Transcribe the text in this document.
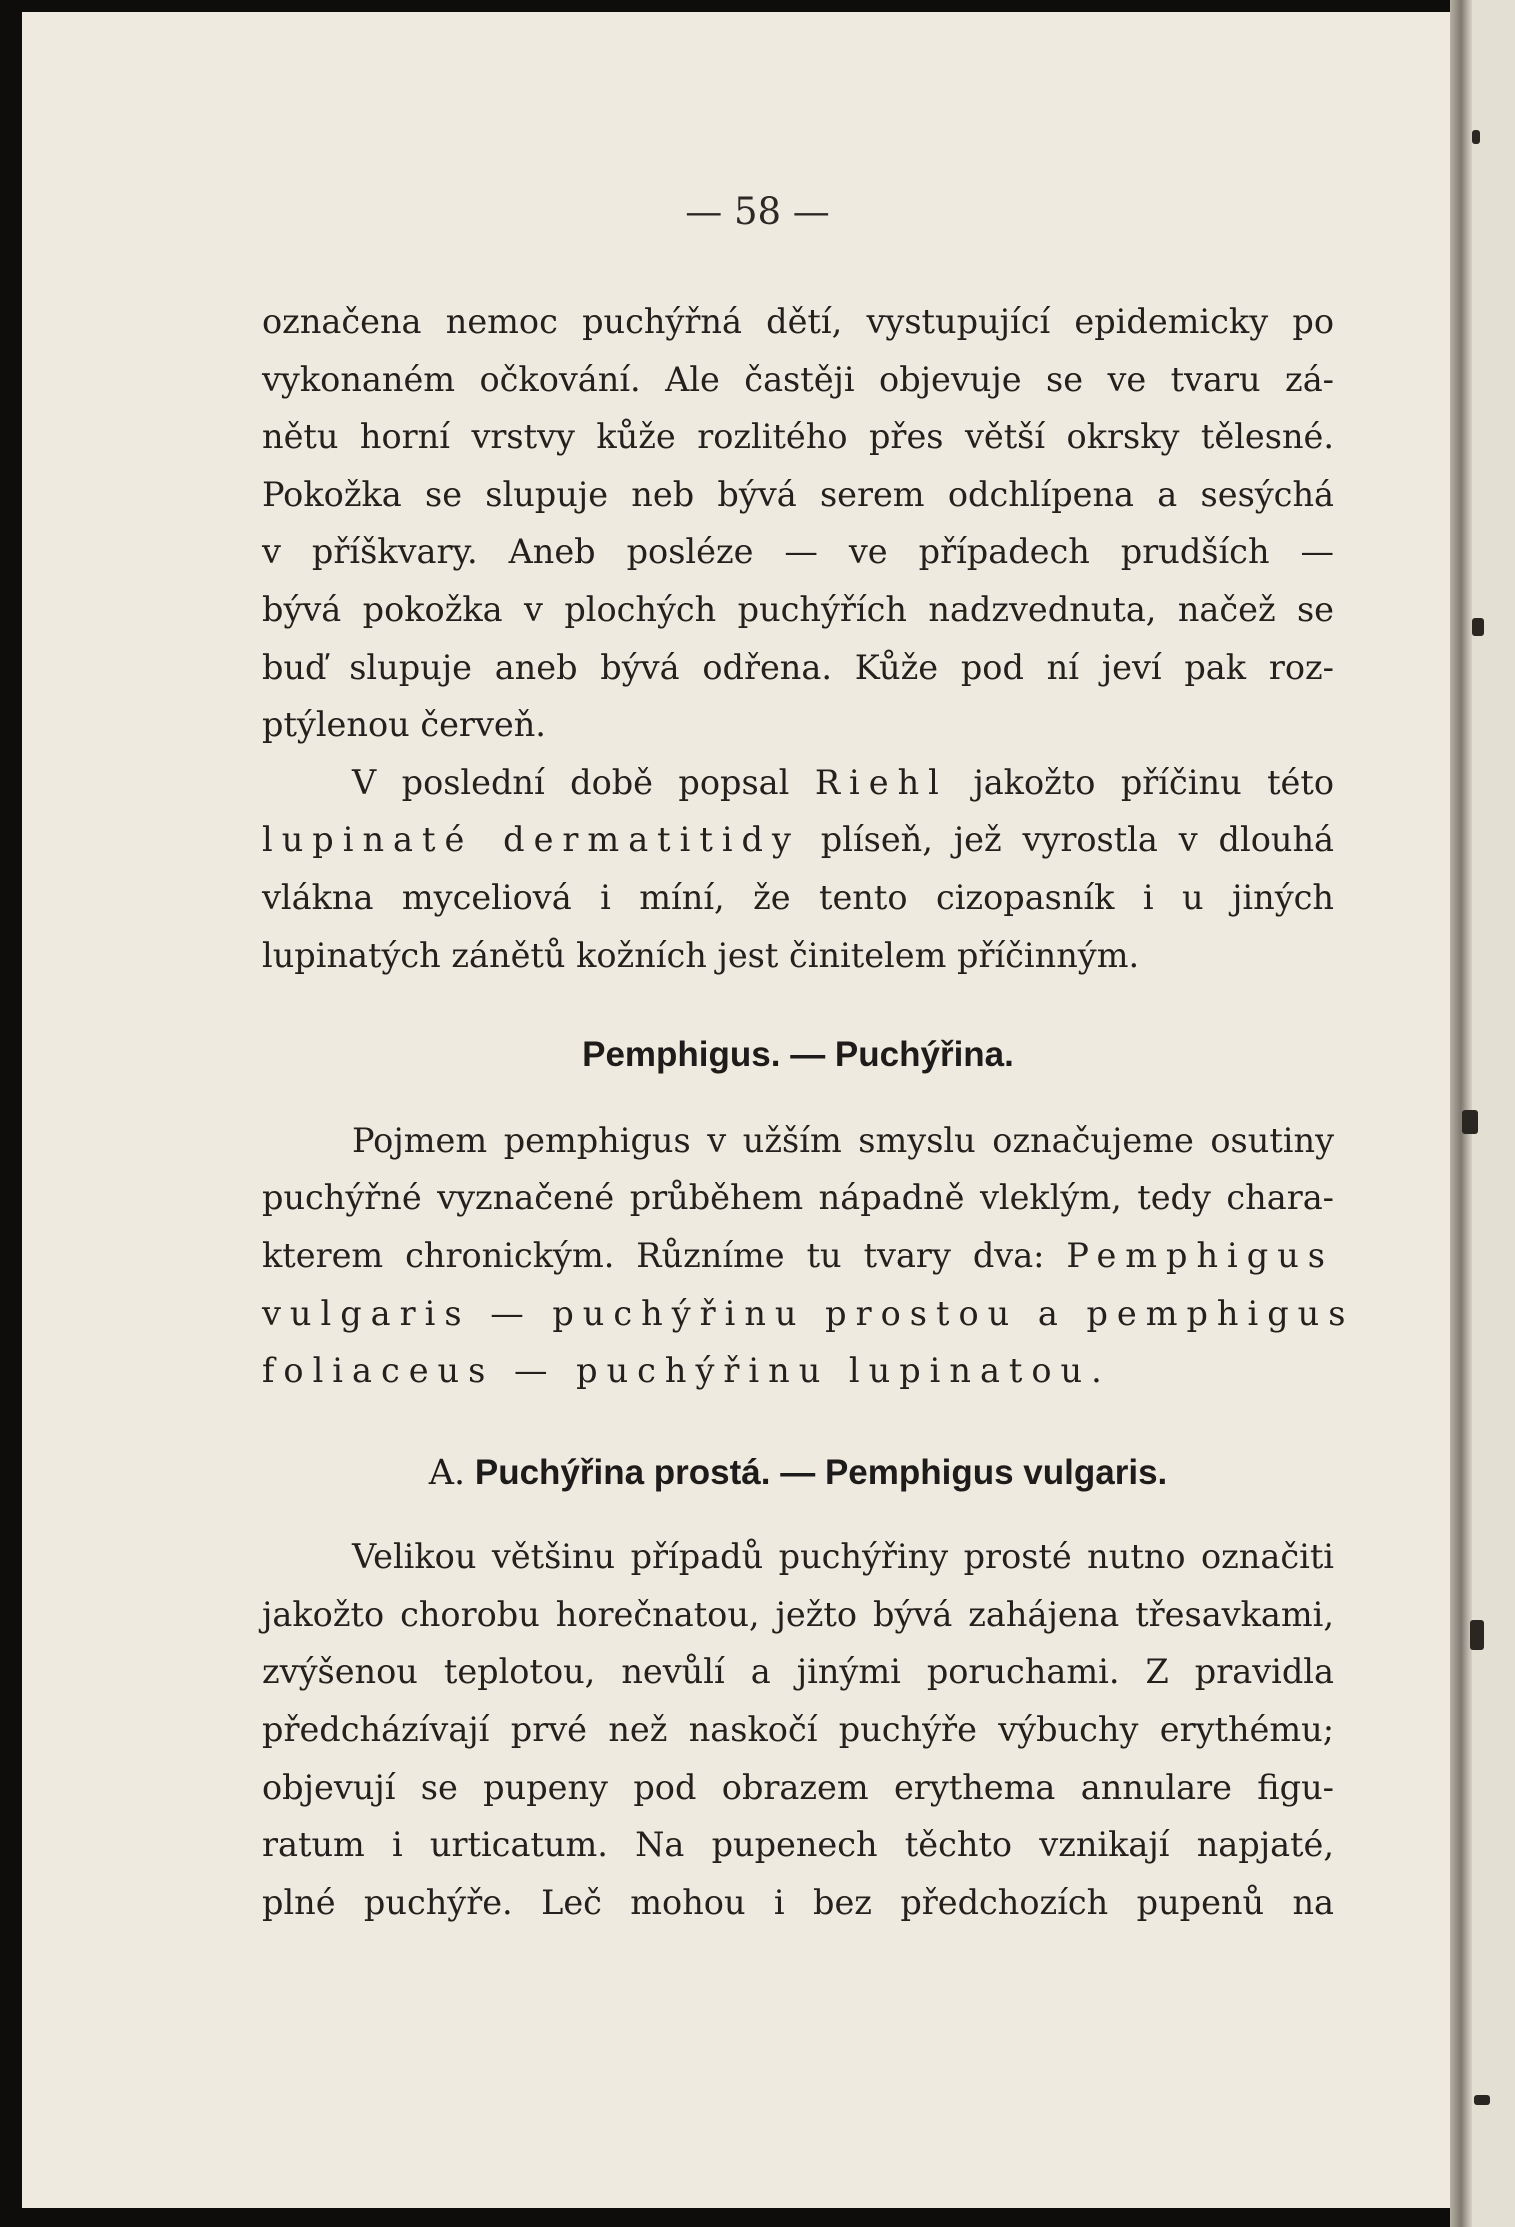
— 58 —
označena nemoc puchýřná dětí, vystupující epidemicky po
vykonaném očkování. Ale častěji objevuje se ve tvaru zá-
nětu horní vrstvy kůže rozlitého přes větší okrsky tělesné.
Pokožka se slupuje neb bývá serem odchlípena a sesýchá
v příškvary. Aneb posléze — ve případech prudších —
bývá pokožka v plochých puchýřích nadzvednuta, načež se
buď slupuje aneb bývá odřena. Kůže pod ní jeví pak roz-
ptýlenou červeň.
V poslední době popsal Riehl jakožto příčinu této
lupinaté dermatitidy plíseň, jež vyrostla v dlouhá
vlákna myceliová i míní, že tento cizopasník i u jiných
lupinatých zánětů kožních jest činitelem příčinným.
Pemphigus. — Puchýřina.
Pojmem pemphigus v užším smyslu označujeme osutiny
puchýřné vyznačené průběhem nápadně vleklým, tedy chara-
kterem chronickým. Různíme tu tvary dva: Pemphigus
vulgaris — puchýřinu prostou a pemphigus
foliaceus — puchýřinu lupinatou.
A. Puchýřina prostá. — Pemphigus vulgaris.
Velikou většinu případů puchýřiny prosté nutno označiti
jakožto chorobu horečnatou, ježto bývá zahájena třesavkami,
zvýšenou teplotou, nevůlí a jinými poruchami. Z pravidla
předcházívají prvé než naskočí puchýře výbuchy erythému;
objevují se pupeny pod obrazem erythema annulare figu-
ratum i urticatum. Na pupenech těchto vznikají napjaté,
plné puchýře. Leč mohou i bez předchozích pupenů na
